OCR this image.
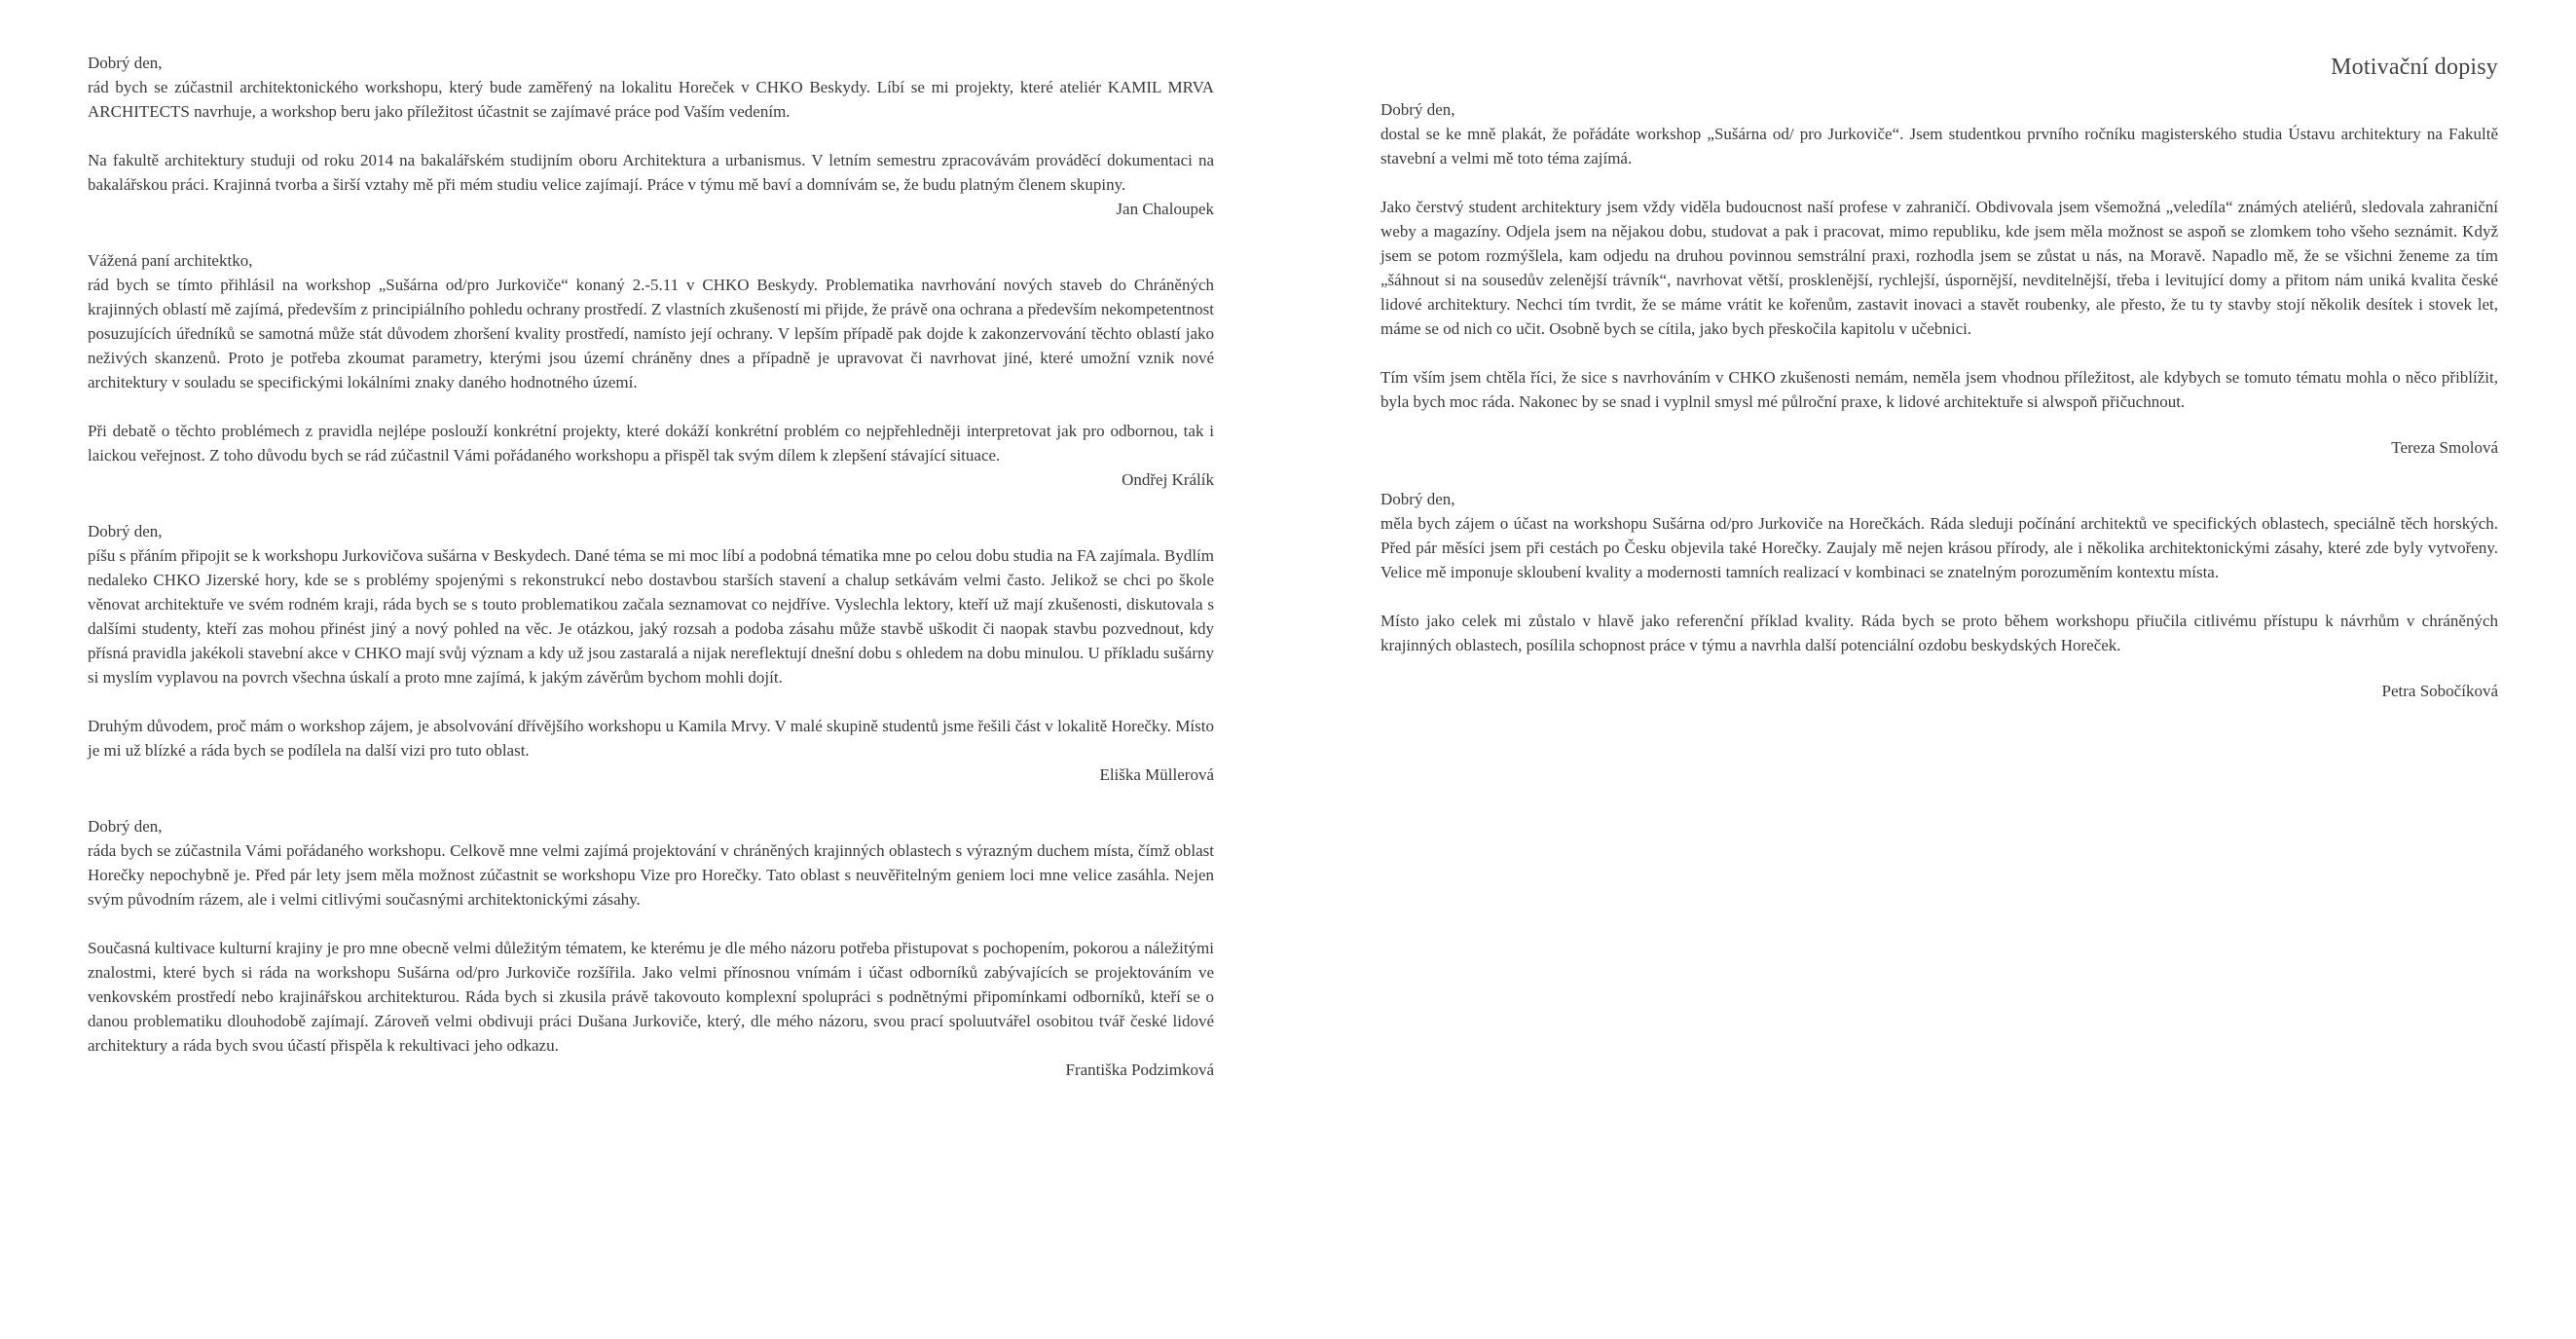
Dobrý den,
rád bych se zúčastnil architektonického workshopu, který bude zaměřený na lokalitu Horeček v CHKO Beskydy. Líbí se mi projekty, které ateliér KAMIL MRVA ARCHITECTS navrhuje, a workshop beru jako příležitost účastnit se zajímavé práce pod Vaším vedením.

Na fakultě architektury studuji od roku 2014 na bakalářském studijním oboru Architektura a urbanismus. V letním semestru zpracovávám prováděcí dokumentaci na bakalářskou práci. Krajinná tvorba a širší vztahy mě při mém studiu velice zajímají. Práce v týmu mě baví a domnívám se, že budu platným členem skupiny.

Jan Chaloupek

Vážená paní architektko,
rád bych se tímto přihlásil na workshop „Sušárna od/pro Jurkoviče“ konaný 2.-5.11 v CHKO Beskydy. Problematika navrhování nových staveb do Chráněných krajinných oblastí mě zajímá, především z principiálního pohledu ochrany prostředí. Z vlastních zkušeností mi přijde, že právě ona ochrana a především nekompetentnost posuzujících úředníků se samotná může stát důvodem zhoršení kvality prostředí, namísto její ochrany. V lepším případě pak dojde k zakonzervování těchto oblastí jako neživých skanzenů. Proto je potřeba zkoumat parametry, kterými jsou území chráněny dnes a případně je upravovat či navrhovat jiné, které umožní vznik nové architektury v souladu se specifickými lokálními znaky daného hodnotného území.

Při debatě o těchto problémech z pravidla nejlépe poslouží konkrétní projekty, které dokáží konkrétní problém co nejpřehledněji interpretovat jak pro odbornou, tak i laickou veřejnost. Z toho důvodu bych se rád zúčastnil Vámi pořádaného workshopu a přispěl tak svým dílem k zlepšení stávající situace.

Ondřej Králík

Dobrý den,
píšu s přáním připojit se k workshopu Jurkovičova sušárna v Beskydech. Dané téma se mi moc líbí a podobná tématika mne po celou dobu studia na FA zajímala. Bydlím nedaleko CHKO Jizerské hory, kde se s problémy spojenými s rekonstrukcí nebo dostavbou starších stavení a chalup setkávám velmi často. Jelikož se chci po škole věnovat architektuře ve svém rodném kraji, ráda bych se s touto problematikou začala seznamovat co nejdříve. Vyslechla lektory, kteří už mají zkušenosti, diskutovala s dalšími studenty, kteří zas mohou přinést jiný a nový pohled na věc. Je otázkou, jaký rozsah a podoba zásahu může stavbě uškodit či naopak stavbu pozvednout, kdy přísná pravidla jakékoli stavební akce v CHKO mají svůj význam a kdy už jsou zastaralá a nijak nereflektují dnešní dobu s ohledem na dobu minulou. U příkladu sušárny si myslím vyplavou na povrch všechna úskalí a proto mne zajímá, k jakým závěrům bychom mohli dojít.

Druhým důvodem, proč mám o workshop zájem, je absolvování dřívějšího workshopu u Kamila Mrvy. V malé skupině studentů jsme řešili část v lokalitě Horečky. Místo je mi už blízké a ráda bych se podílela na další vizi pro tuto oblast.

Eliška Müllerová

Dobrý den,
ráda bych se zúčastnila Vámi pořádaného workshopu. Celkově mne velmi zajímá projektování v chráněných krajinných oblastech s výrazným duchem místa, čímž oblast Horečky nepochybně je. Před pár lety jsem měla možnost zúčastnit se workshopu Vize pro Horečky. Tato oblast s neuvěřitelným geniem loci mne velice zasáhla. Nejen svým původním rázem, ale i velmi citlivými současnými architektonickými zásahy.

Současná kultivace kulturní krajiny je pro mne obecně velmi důležitým tématem, ke kterému je dle mého názoru potřeba přistupovat s pochopením, pokorou a náležitými znalostmi, které bych si ráda na workshopu Sušárna od/pro Jurkoviče rozšířila. Jako velmi přínosnou vnímám i účast odborníků zabývajících se projektováním ve venkovském prostředí nebo krajinářskou architekturou. Ráda bych si zkusila právě takovouto komplexní spolupráci s podnětnými připomínkami odborníků, kteří se o danou problematiku dlouhodobě zajímají. Zároveň velmi obdivuji práci Dušana Jurkoviče, který, dle mého názoru, svou prací spoluutvářel osobitou tvář české lidové architektury a ráda bych svou účastí přispěla k rekultivaci jeho odkazu.

Františka Podzimková
Motivační dopisy

Dobrý den,
dostal se ke mně plakát, že pořádáte workshop „Sušárna od/ pro Jurkoviče“. Jsem studentkou prvního ročníku magisterského studia Ústavu architektury na Fakultě stavební a velmi mě toto téma zajímá.

Jako čerstvý student architektury jsem vždy viděla budoucnost naší profese v zahraničí. Obdivovala jsem všemožná „veledíla“ známých ateliérů, sledovala zahraniční weby a magazíny. Odjela jsem na nějakou dobu, studovat a pak i pracovat, mimo republiku, kde jsem měla možnost se aspoň se zlomkem toho všeho seznámit. Když jsem se potom rozmýšlela, kam odjedu na druhou povinnou semstrální praxi, rozhodla jsem se zůstat u nás, na Moravě. Napadlo mě, že se všichni ženeme za tím „šáhnout si na sousedův zelenější trávník“, navrhovat větší, prosklenější, rychlejší, úspornější, nevditelnější, třeba i levitující domy a přitom nám uniká kvalita české lidové architektury. Nechci tím tvrdit, že se máme vrátit ke kořenům, zastavit inovaci a stavět roubenky, ale přesto, že tu ty stavby stojí několik desítek i stovek let, máme se od nich co učit. Osobně bych se cítila, jako bych přeskočila kapitolu v učebnici.

Tím vším jsem chtěla říci, že sice s navrhováním v CHKO zkušenosti nemám, neměla jsem vhodnou příležitost, ale kdybych se tomuto tématu mohla o něco přiblížit, byla bych moc ráda. Nakonec by se snad i vyplnil smysl mé půlroční praxe, k lidové architektuře si alwspoň přičuchnout.

Tereza Smolová

Dobrý den,
měla bych zájem o účast na workshopu Sušárna od/pro Jurkoviče na Horečkách. Ráda sleduji počínání architektů ve specifických oblastech, speciálně těch horských. Před pár měsíci jsem při cestách po Česku objevila také Horečky. Zaujaly mě nejen krásou přírody, ale i několika architektonickými zásahy, které zde byly vytvořeny. Velice mě imponuje skloubení kvality a modernosti tamních realizací v kombinaci se znatelným porozuměním kontextu místa.

Místo jako celek mi zůstalo v hlavě jako referenční příklad kvality. Ráda bych se proto během workshopu přiučila citlivému přístupu k návrhům v chráněných krajinných oblastech, posílila schopnost práce v týmu a navrhla další potenciální ozdobu beskydských Horeček.

Petra Sobočíková
